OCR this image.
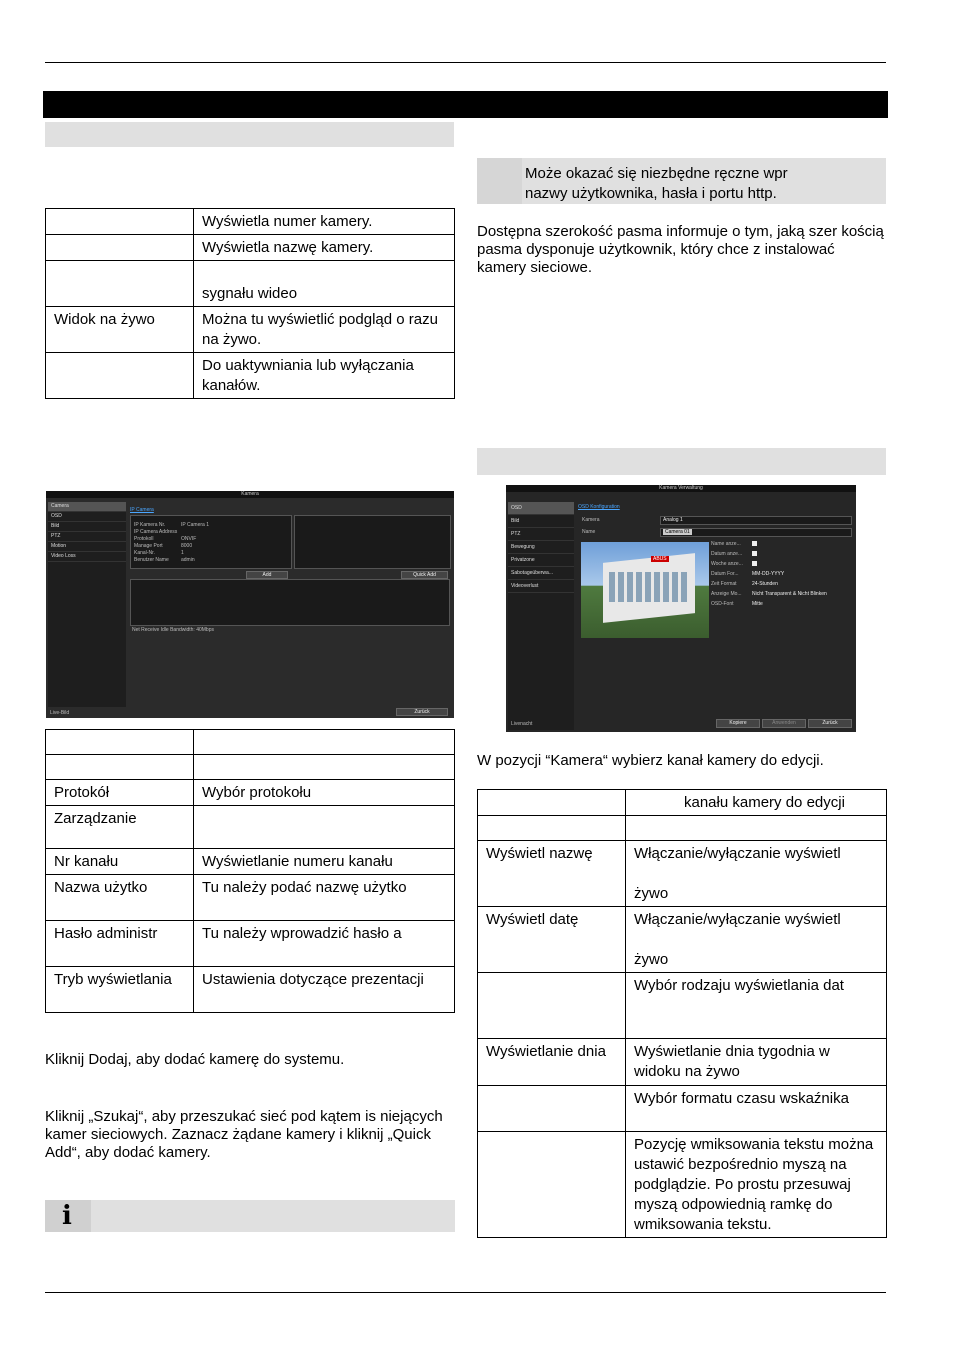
	Wyświetla numer kamery.
	Wyświetla nazwę kamery.
	sygnału wideo
Widok na żywo	Można tu wyświetlić podgląd o razu na żywo.
	Do uaktywniania lub wyłączania kanałów.
Kamera
Camera
OSD
Bild
PTZ
Motion
Video Loss
IP Camera
IP Kamera Nr.	IP Camera 1
IP Camera Address
Protokoll	ONVIF
Manage Port	8000
Kanal-Nr.	1
Benutzer Name admin
Add	Quick Add
Net Receive Idle Bandwidth: 40Mbps
Live-Bild	Zurück

Protokół	Wybór protokołu
Zarządzanie	
Nr kanału	Wyświetlanie numeru kanału
Nazwa użytko	Tu należy podać nazwę użytko
Hasło administr	Tu należy wprowadzić hasło a
Tryb wyświetlania	Ustawienia dotyczące prezentacji
Kliknij Dodaj, aby dodać kamerę do systemu.
Kliknij „Szukaj“, aby przeszukać sieć pod kątem is niejących kamer sieciowych. Zaznacz żądane kamery i kliknij „Quick Add“, aby dodać kamery.
i
Może okazać się niezbędne ręczne wpr nazwy użytkownika, hasła i portu http.
Dostępna szerokość pasma informuje o tym, jaką szer kością pasma dysponuje użytkownik, który chce z instalować kamery sieciowe.
Kamera Verwaltung
OSD
Bild
PTZ
Bewegung
Privatzone
Sabotageüberwa...
Videoverlust
OSD Konfiguration
Kamera	Analog 1
Name	Camera 01
ABUS
Name anze...
Datum anze...
Woche anze...
Datum For...	MM-DD-YYYY
Zeit Format	24-Stunden
Anzeige Mo... Nicht Transparent & Nicht Blinken
OSD-Font	Mitte
Livenacht	Kopiere	Anwenden	Zurück
W pozycji “Kamera“ wybierz kanał kamery do edycji.
	kanału kamery do edycji

Wyświetl nazwę	Włączanie/wyłączanie wyświetl

żywo
Wyświetl datę	Włączanie/wyłączanie wyświetl

żywo
	Wybór rodzaju wyświetlania dat
Wyświetlanie dnia	Wyświetlanie dnia tygodnia w widoku na żywo
	Wybór formatu czasu wskaźnika
	Pozycję wmiksowania tekstu można ustawić bezpośrednio myszą na podglądzie. Po prostu przesuwaj myszą odpowiednią ramkę do wmiksowania tekstu.
